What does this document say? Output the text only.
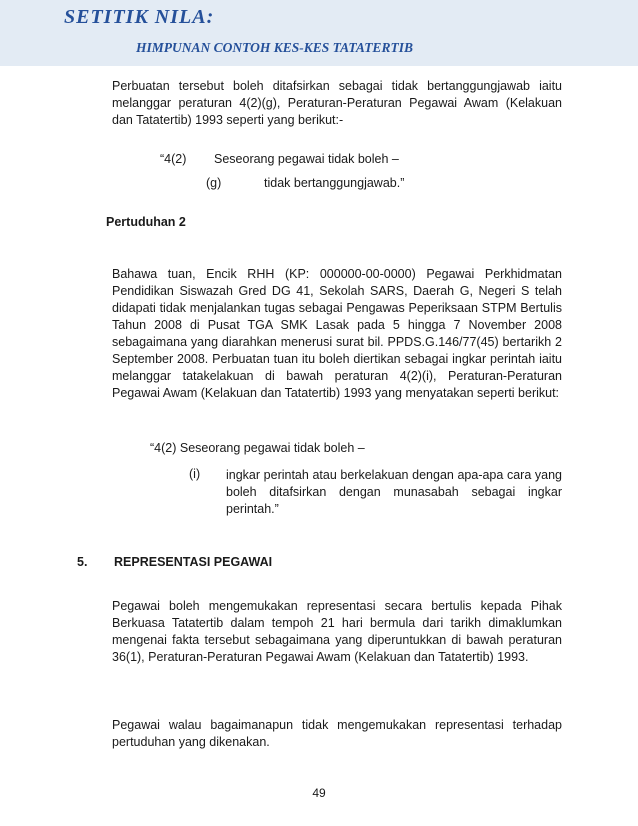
SETITIK NILA:
HIMPUNAN CONTOH KES-KES TATATERTIB

Perbuatan tersebut boleh ditafsirkan sebagai tidak bertanggungjawab iaitu melanggar peraturan 4(2)(g), Peraturan-Peraturan Pegawai Awam (Kelakuan dan Tatatertib) 1993 seperti yang berikut:-

“4(2) Seseorang pegawai tidak boleh –
(g)	tidak bertanggungjawab.”
Pertuduhan 2

Bahawa tuan, Encik RHH (KP: 000000-00-0000) Pegawai Perkhidmatan Pendidikan Siswazah Gred DG 41, Sekolah SARS, Daerah G, Negeri S telah didapati tidak menjalankan tugas sebagai Pengawas Peperiksaan STPM Bertulis Tahun 2008 di Pusat TGA SMK Lasak pada 5 hingga 7 November 2008 sebagaimana yang diarahkan menerusi surat bil. PPDS.G.146/77(45) bertarikh 2 September 2008. Perbuatan tuan itu boleh diertikan sebagai ingkar perintah iaitu melanggar tatakelakuan di bawah peraturan 4(2)(i), Peraturan-Peraturan Pegawai Awam (Kelakuan dan Tatatertib) 1993 yang menyatakan seperti berikut:

“4(2) Seseorang pegawai tidak boleh –
(i) ingkar perintah atau berkelakuan dengan apa-apa cara yang boleh ditafsirkan dengan munasabah sebagai ingkar perintah.”

5. REPRESENTASI PEGAWAI

Pegawai boleh mengemukakan representasi secara bertulis kepada Pihak Berkuasa Tatatertib dalam tempoh 21 hari bermula dari tarikh dimaklumkan mengenai fakta tersebut sebagaimana yang diperuntukkan di bawah peraturan 36(1), Peraturan-Peraturan Pegawai Awam (Kelakuan dan Tatatertib) 1993.

Pegawai walau bagaimanapun tidak mengemukakan representasi terhadap pertuduhan yang dikenakan.

49
